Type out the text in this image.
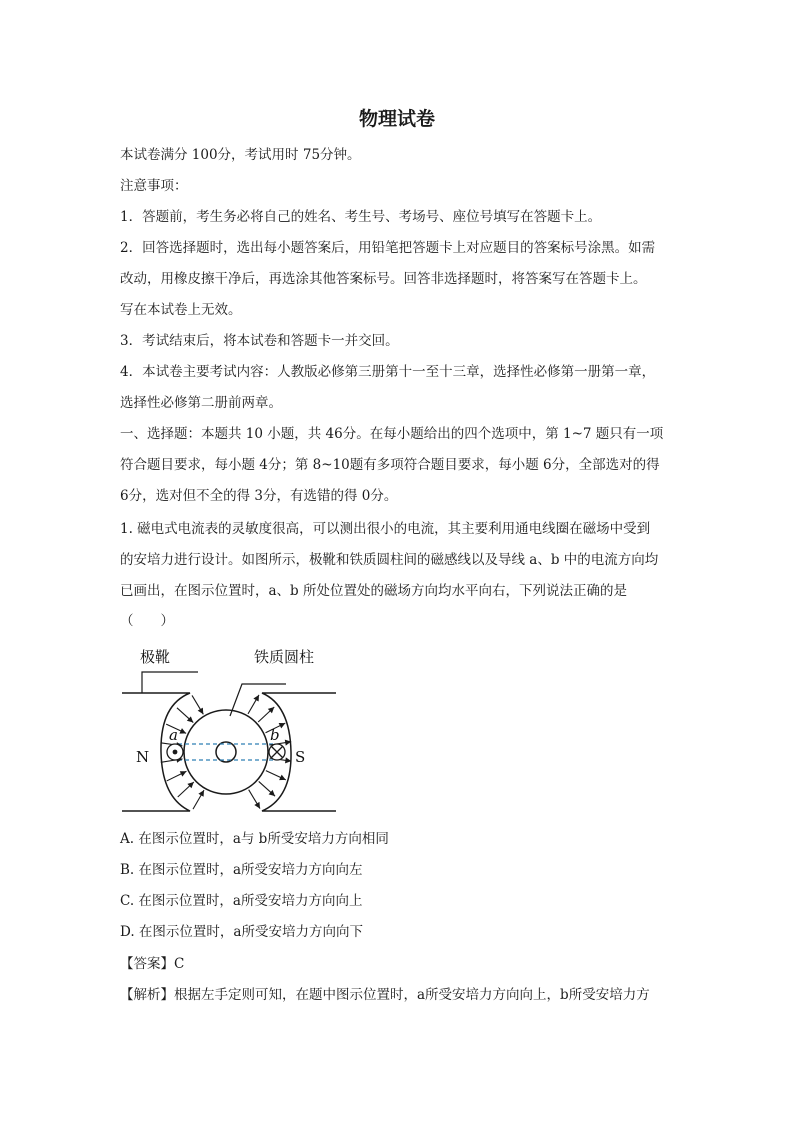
物理试卷
本试卷满分 100分，考试用时 75分钟。
注意事项：
1．答题前，考生务必将自己的姓名、考生号、考场号、座位号填写在答题卡上。
2．回答选择题时，选出每小题答案后，用铅笔把答题卡上对应题目的答案标号涂黑。如需
改动，用橡皮擦干净后，再选涂其他答案标号。回答非选择题时，将答案写在答题卡上。
写在本试卷上无效。
3．考试结束后，将本试卷和答题卡一并交回。
4．本试卷主要考试内容：人教版必修第三册第十一至十三章，选择性必修第一册第一章，
选择性必修第二册前两章。
一、选择题：本题共 10 小题，共 46分。在每小题给出的四个选项中，第 1~7 题只有一项
符合题目要求，每小题 4分；第 8~10题有多项符合题目要求，每小题 6分，全部选对的得
6分，选对但不全的得 3分，有选错的得 0分。
1. 磁电式电流表的灵敏度很高，可以测出很小的电流，其主要利用通电线圈在磁场中受到
的安培力进行设计。如图所示，极靴和铁质圆柱间的磁感线以及导线 a、b 中的电流方向均
已画出，在图示位置时，a、b 所处位置处的磁场方向均水平向右，下列说法正确的是
（　　）
极靴	铁质圆柱
a	b
N	S
A. 在图示位置时，a与 b所受安培力方向相同
B. 在图示位置时，a所受安培力方向向左
C. 在图示位置时，a所受安培力方向向上
D. 在图示位置时，a所受安培力方向向下
【答案】C
【解析】根据左手定则可知，在题中图示位置时，a所受安培力方向向上，b所受安培力方
